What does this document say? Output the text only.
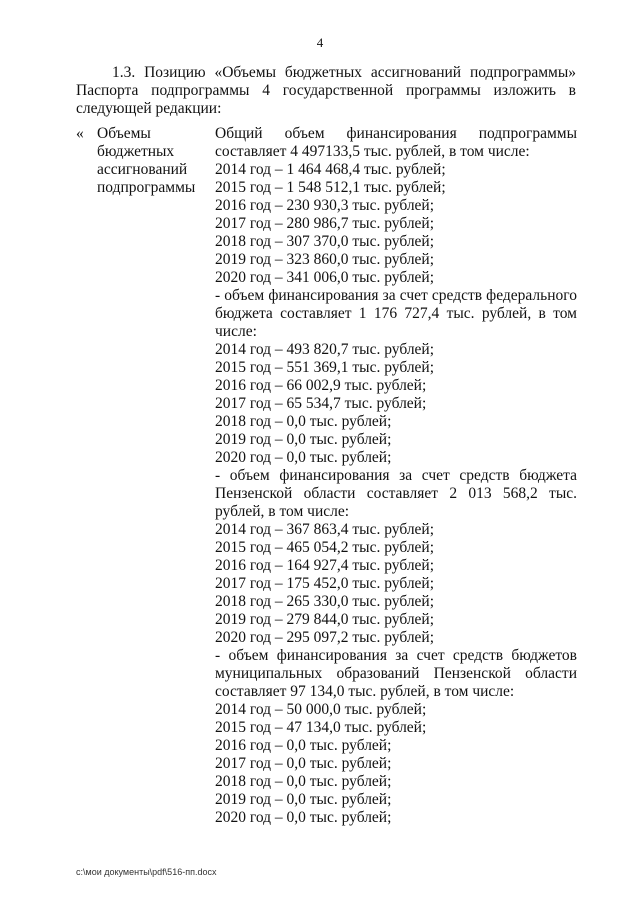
4
1.3. Позицию «Объемы бюджетных ассигнований подпрограммы» Паспорта подпрограммы 4 государственной программы изложить в следующей редакции:
« Объемы
бюджетных
ассигнований
подпрограммы
Общий объем финансирования подпрограммы составляет 4 497133,5 тыс. рублей, в том числе:
2014 год – 1 464 468,4 тыс. рублей;
2015 год – 1 548 512,1 тыс. рублей;
2016 год – 230 930,3 тыс. рублей;
2017 год – 280 986,7 тыс. рублей;
2018 год – 307 370,0 тыс. рублей;
2019 год – 323 860,0 тыс. рублей;
2020 год – 341 006,0 тыс. рублей;
- объем финансирования за счет средств федерального бюджета составляет 1 176 727,4 тыс. рублей, в том числе:
2014 год – 493 820,7 тыс. рублей;
2015 год – 551 369,1 тыс. рублей;
2016 год – 66 002,9 тыс. рублей;
2017 год – 65 534,7 тыс. рублей;
2018 год – 0,0 тыс. рублей;
2019 год – 0,0 тыс. рублей;
2020 год – 0,0 тыс. рублей;
- объем финансирования за счет средств бюджета Пензенской области составляет 2 013 568,2 тыс. рублей, в том числе:
2014 год – 367 863,4 тыс. рублей;
2015 год – 465 054,2 тыс. рублей;
2016 год – 164 927,4 тыс. рублей;
2017 год – 175 452,0 тыс. рублей;
2018 год – 265 330,0 тыс. рублей;
2019 год – 279 844,0 тыс. рублей;
2020 год – 295 097,2 тыс. рублей;
- объем финансирования за счет средств бюджетов муниципальных образований Пензенской области составляет 97 134,0 тыс. рублей, в том числе:
2014 год – 50 000,0 тыс. рублей;
2015 год – 47 134,0 тыс. рублей;
2016 год – 0,0 тыс. рублей;
2017 год – 0,0 тыс. рублей;
2018 год – 0,0 тыс. рублей;
2019 год – 0,0 тыс. рублей;
2020 год – 0,0 тыс. рублей;
c:\мои документы\pdf\516-пп.docx
